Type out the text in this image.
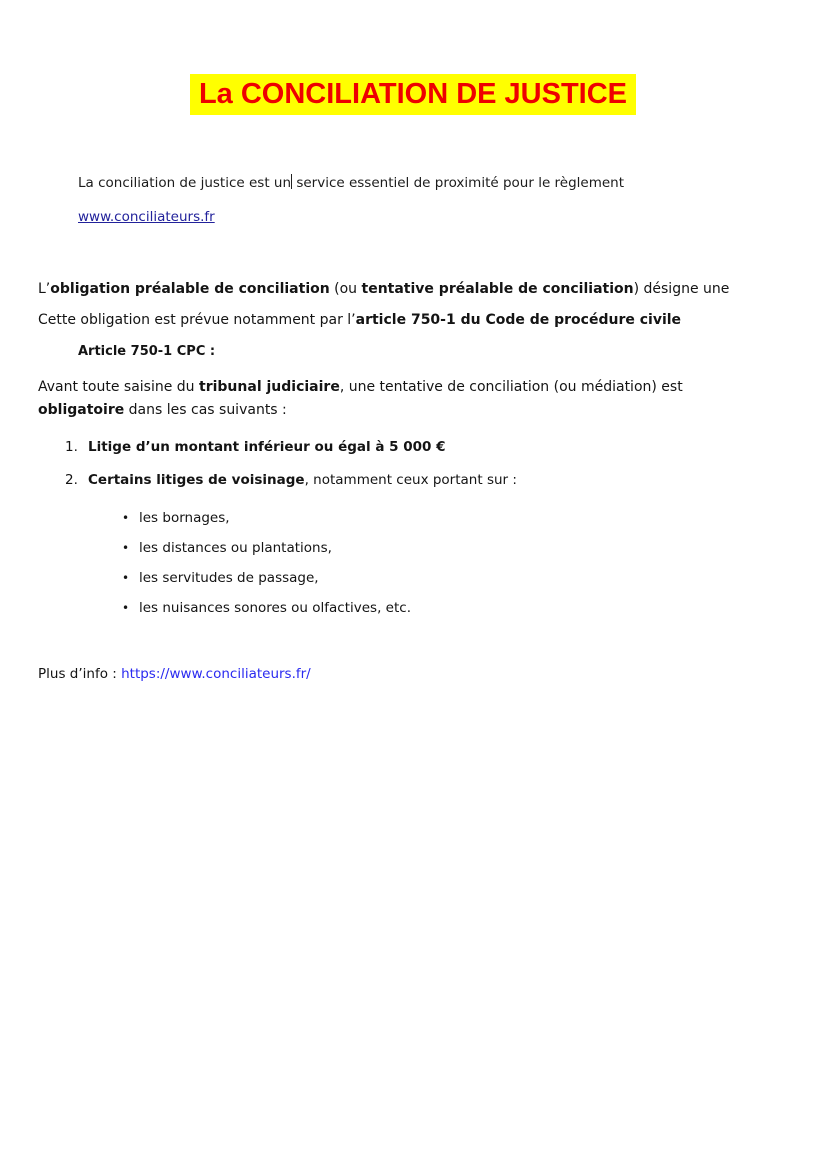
La CONCILIATION DE JUSTICE
La conciliation de justice est un service essentiel de proximité pour le règlement
www.conciliateurs.fr
L’obligation préalable de conciliation (ou tentative préalable de conciliation) désigne une
Cette obligation est prévue notamment par l’article 750-1 du Code de procédure civile
Article 750-1 CPC :
Avant toute saisine du tribunal judiciaire, une tentative de conciliation (ou médiation) est
obligatoire dans les cas suivants :
1. Litige d’un montant inférieur ou égal à 5 000 €
2. Certains litiges de voisinage, notamment ceux portant sur :
• les bornages,
• les distances ou plantations,
• les servitudes de passage,
• les nuisances sonores ou olfactives, etc.
Plus d’info : https://www.conciliateurs.fr/
